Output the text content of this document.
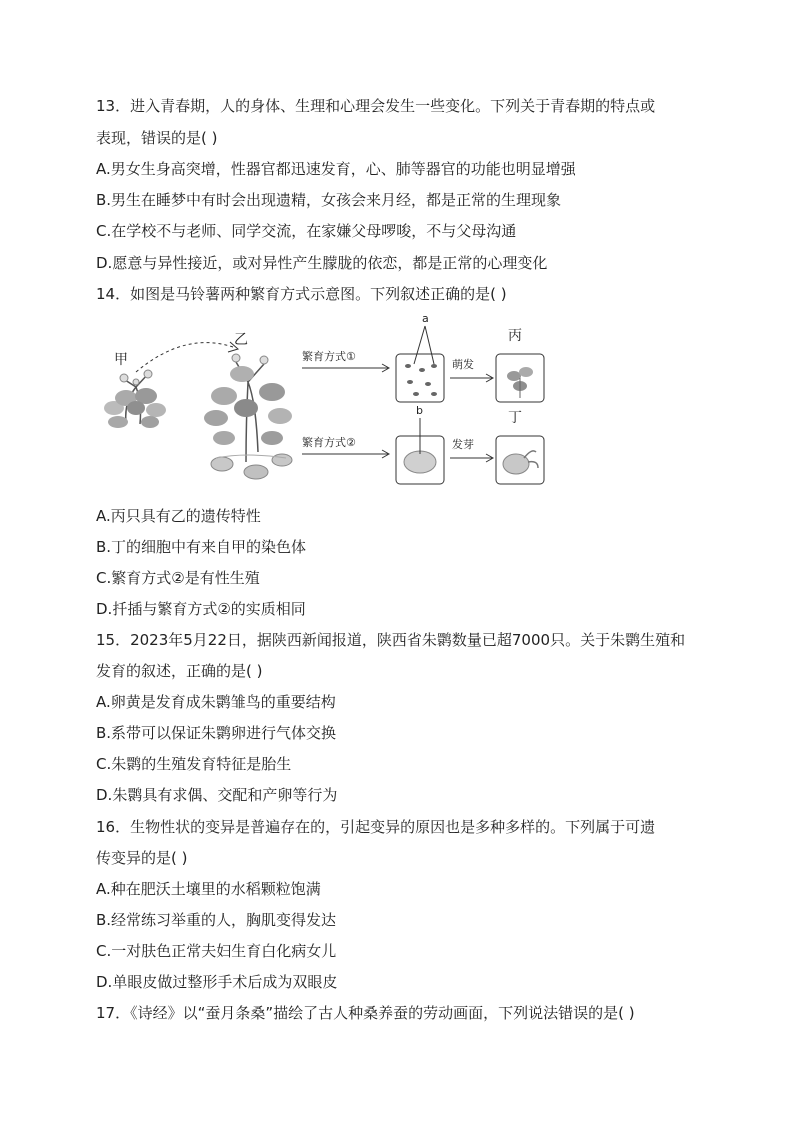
13．进入青春期，人的身体、生理和心理会发生一些变化。下列关于青春期的特点或
表现，错误的是( )
A.男女生身高突增，性器官都迅速发育，心、肺等器官的功能也明显增强
B.男生在睡梦中有时会出现遗精，女孩会来月经，都是正常的生理现象
C.在学校不与老师、同学交流，在家嫌父母啰唆，不与父母沟通
D.愿意与异性接近，或对异性产生朦胧的依恋，都是正常的心理变化
14．如图是马铃薯两种繁育方式示意图。下列叙述正确的是( )
甲
乙
繁育方式①
a
萌发
丙
繁育方式②
b
发芽
丁
A.丙只具有乙的遗传特性
B.丁的细胞中有来自甲的染色体
C.繁育方式②是有性生殖
D.扦插与繁育方式②的实质相同
15．2023年5月22日，据陕西新闻报道，陕西省朱鹮数量已超7000只。关于朱鹮生殖和
发育的叙述，正确的是( )
A.卵黄是发育成朱鹮雏鸟的重要结构
B.系带可以保证朱鹮卵进行气体交换
C.朱鹮的生殖发育特征是胎生
D.朱鹮具有求偶、交配和产卵等行为
16．生物性状的变异是普遍存在的，引起变异的原因也是多种多样的。下列属于可遗
传变异的是( )
A.种在肥沃土壤里的水稻颗粒饱满
B.经常练习举重的人，胸肌变得发达
C.一对肤色正常夫妇生育白化病女儿
D.单眼皮做过整形手术后成为双眼皮
17．《诗经》以“蚕月条桑”描绘了古人种桑养蚕的劳动画面，下列说法错误的是( )
